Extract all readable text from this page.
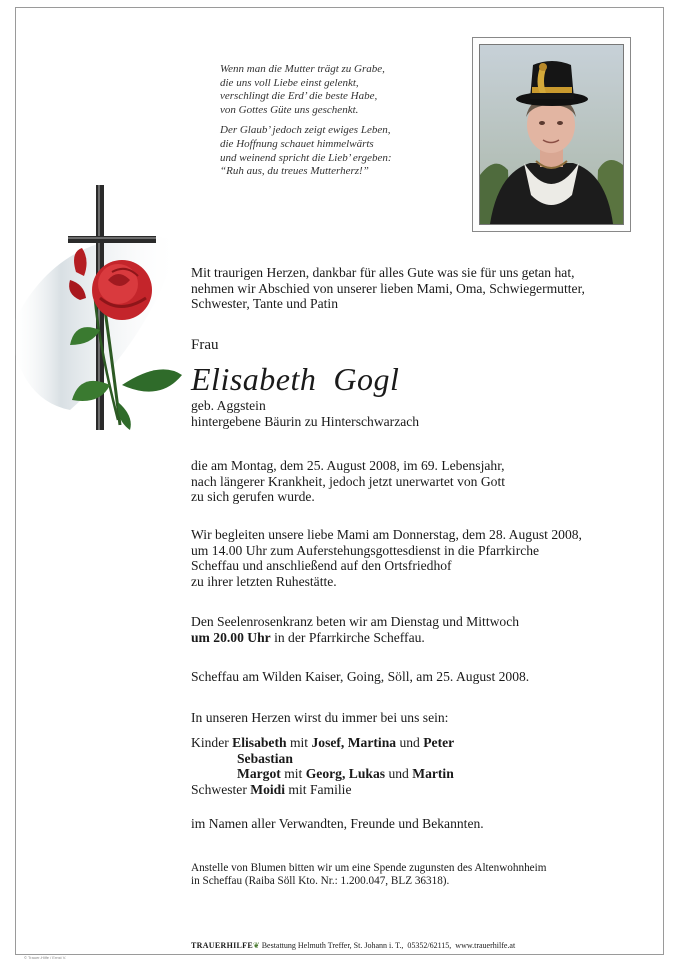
Wenn man die Mutter trägt zu Grabe,
die uns voll Liebe einst gelenkt,
verschlingt die Erd’ die beste Habe,
von Gottes Güte uns geschenkt.

Der Glaub’ jedoch zeigt ewiges Leben,
die Hoffnung schauet himmelwärts
und weinend spricht die Lieb’ ergeben:
“Ruh aus, du treues Mutterherz!”

Mit traurigen Herzen, dankbar für alles Gute was sie für uns getan hat,
nehmen wir Abschied von unserer lieben Mami, Oma, Schwiegermutter,
Schwester, Tante und Patin
Frau
Elisabeth  Gogl
geb. Aggstein
hintergebene Bäurin zu Hinterschwarzach
die am Montag, dem 25. August 2008, im 69. Lebensjahr,
nach längerer Krankheit, jedoch jetzt unerwartet von Gott
zu sich gerufen wurde.
Wir begleiten unsere liebe Mami am Donnerstag, dem 28. August 2008,
um 14.00 Uhr zum Auferstehungsgottesdienst in die Pfarrkirche
Scheffau und anschließend auf den Ortsfriedhof
zu ihrer letzten Ruhestätte.
Den Seelenrosenkranz beten wir am Dienstag und Mittwoch
um 20.00 Uhr in der Pfarrkirche Scheffau.
Scheffau am Wilden Kaiser, Going, Söll, am 25. August 2008.
In unseren Herzen wirst du immer bei uns sein:
Kinder Elisabeth mit Josef, Martina und Peter
Sebastian
Margot mit Georg, Lukas und Martin
Schwester Moidi mit Familie
im Namen aller Verwandten, Freunde und Bekannten.
Anstelle von Blumen bitten wir um eine Spende zugunsten des Altenwohnheim
in Scheffau (Raiba Söll Kto. Nr.: 1.200.047, BLZ 36318).
TRAUERHILFE❦ Bestattung Helmuth Treffer, St. Johann i. T.,  05352/62115,  www.trauerhilfe.at
© Trauer-Hilfe / Ernst V.
